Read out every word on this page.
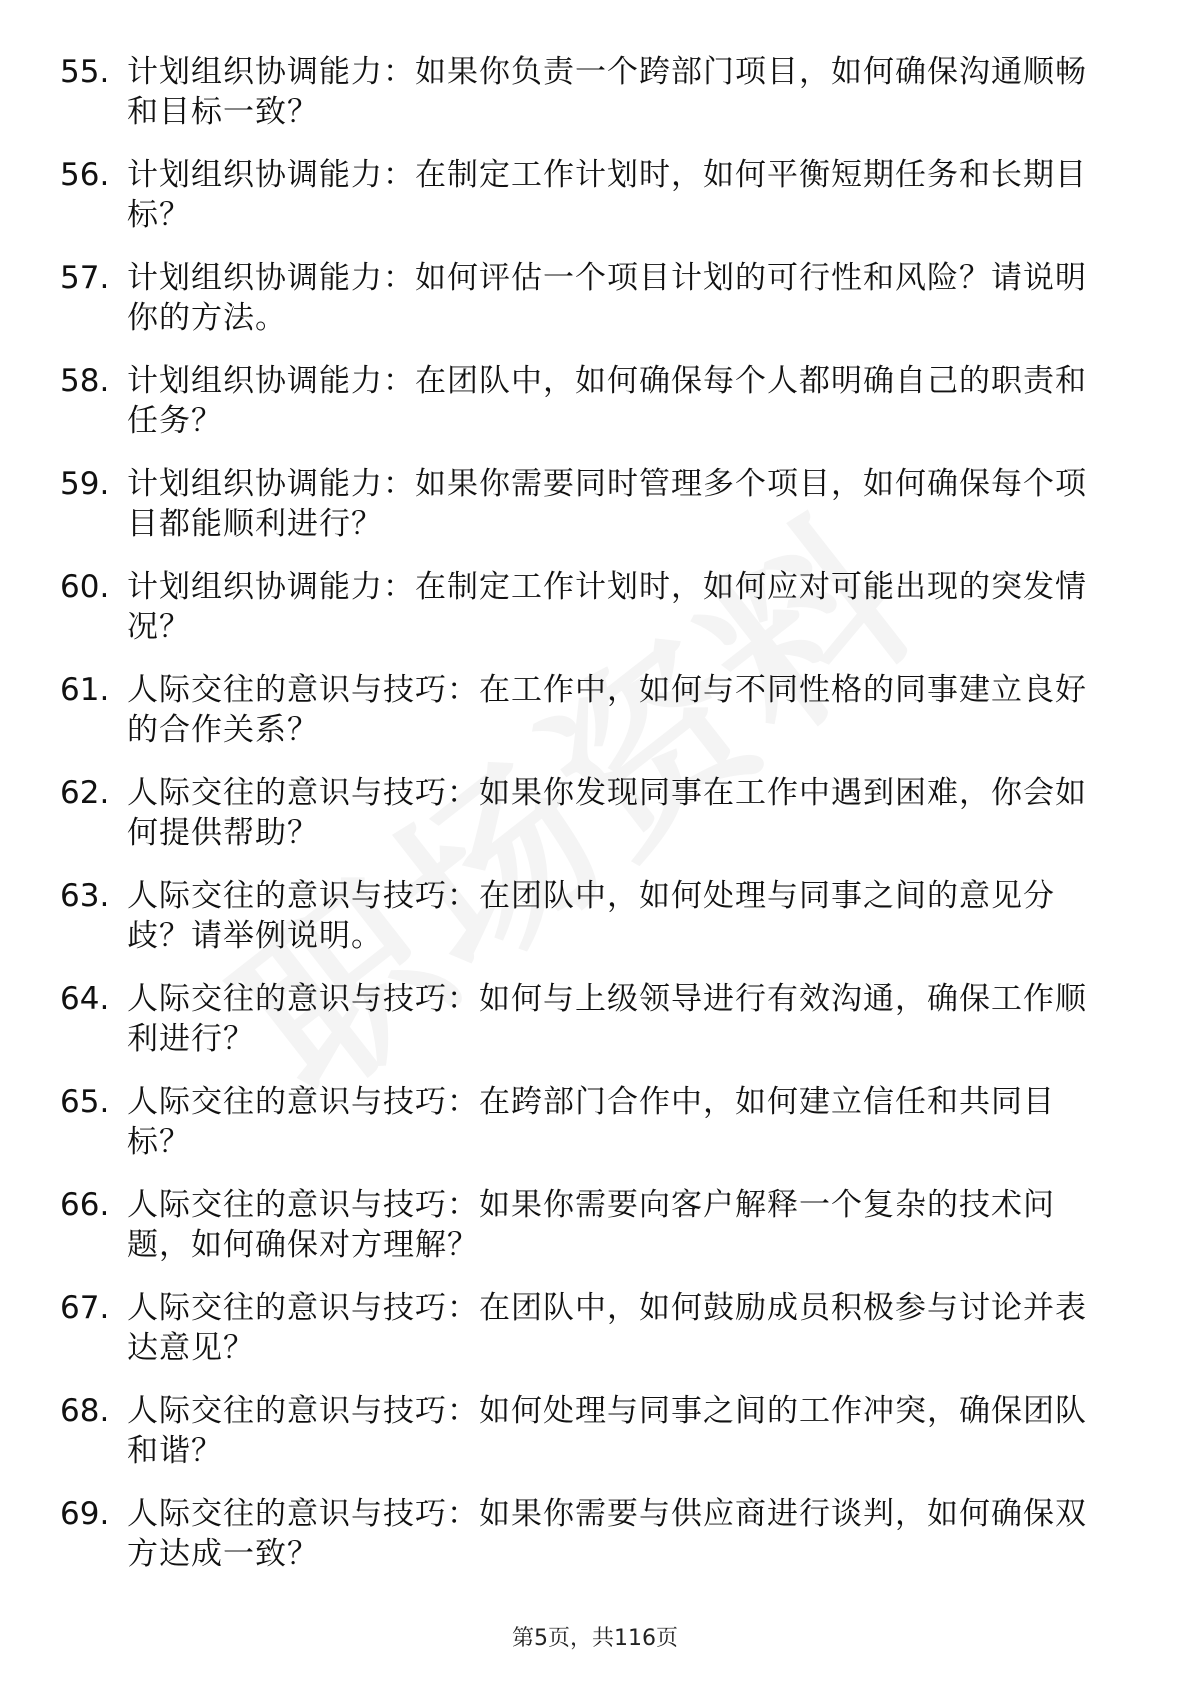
55. 计划组织协调能力：如果你负责一个跨部门项目，如何确保沟通顺畅和目标一致？
56. 计划组织协调能力：在制定工作计划时，如何平衡短期任务和长期目标？
57. 计划组织协调能力：如何评估一个项目计划的可行性和风险？请说明你的方法。
58. 计划组织协调能力：在团队中，如何确保每个人都明确自己的职责和任务？
59. 计划组织协调能力：如果你需要同时管理多个项目，如何确保每个项目都能顺利进行？
60. 计划组织协调能力：在制定工作计划时，如何应对可能出现的突发情况？
61. 人际交往的意识与技巧：在工作中，如何与不同性格的同事建立良好的合作关系？
62. 人际交往的意识与技巧：如果你发现同事在工作中遇到困难，你会如何提供帮助？
63. 人际交往的意识与技巧：在团队中，如何处理与同事之间的意见分歧？请举例说明。
64. 人际交往的意识与技巧：如何与上级领导进行有效沟通，确保工作顺利进行？
65. 人际交往的意识与技巧：在跨部门合作中，如何建立信任和共同目标？
66. 人际交往的意识与技巧：如果你需要向客户解释一个复杂的技术问题，如何确保对方理解？
67. 人际交往的意识与技巧：在团队中，如何鼓励成员积极参与讨论并表达意见？
68. 人际交往的意识与技巧：如何处理与同事之间的工作冲突，确保团队和谐？
69. 人际交往的意识与技巧：如果你需要与供应商进行谈判，如何确保双方达成一致？
第5页，共116页
